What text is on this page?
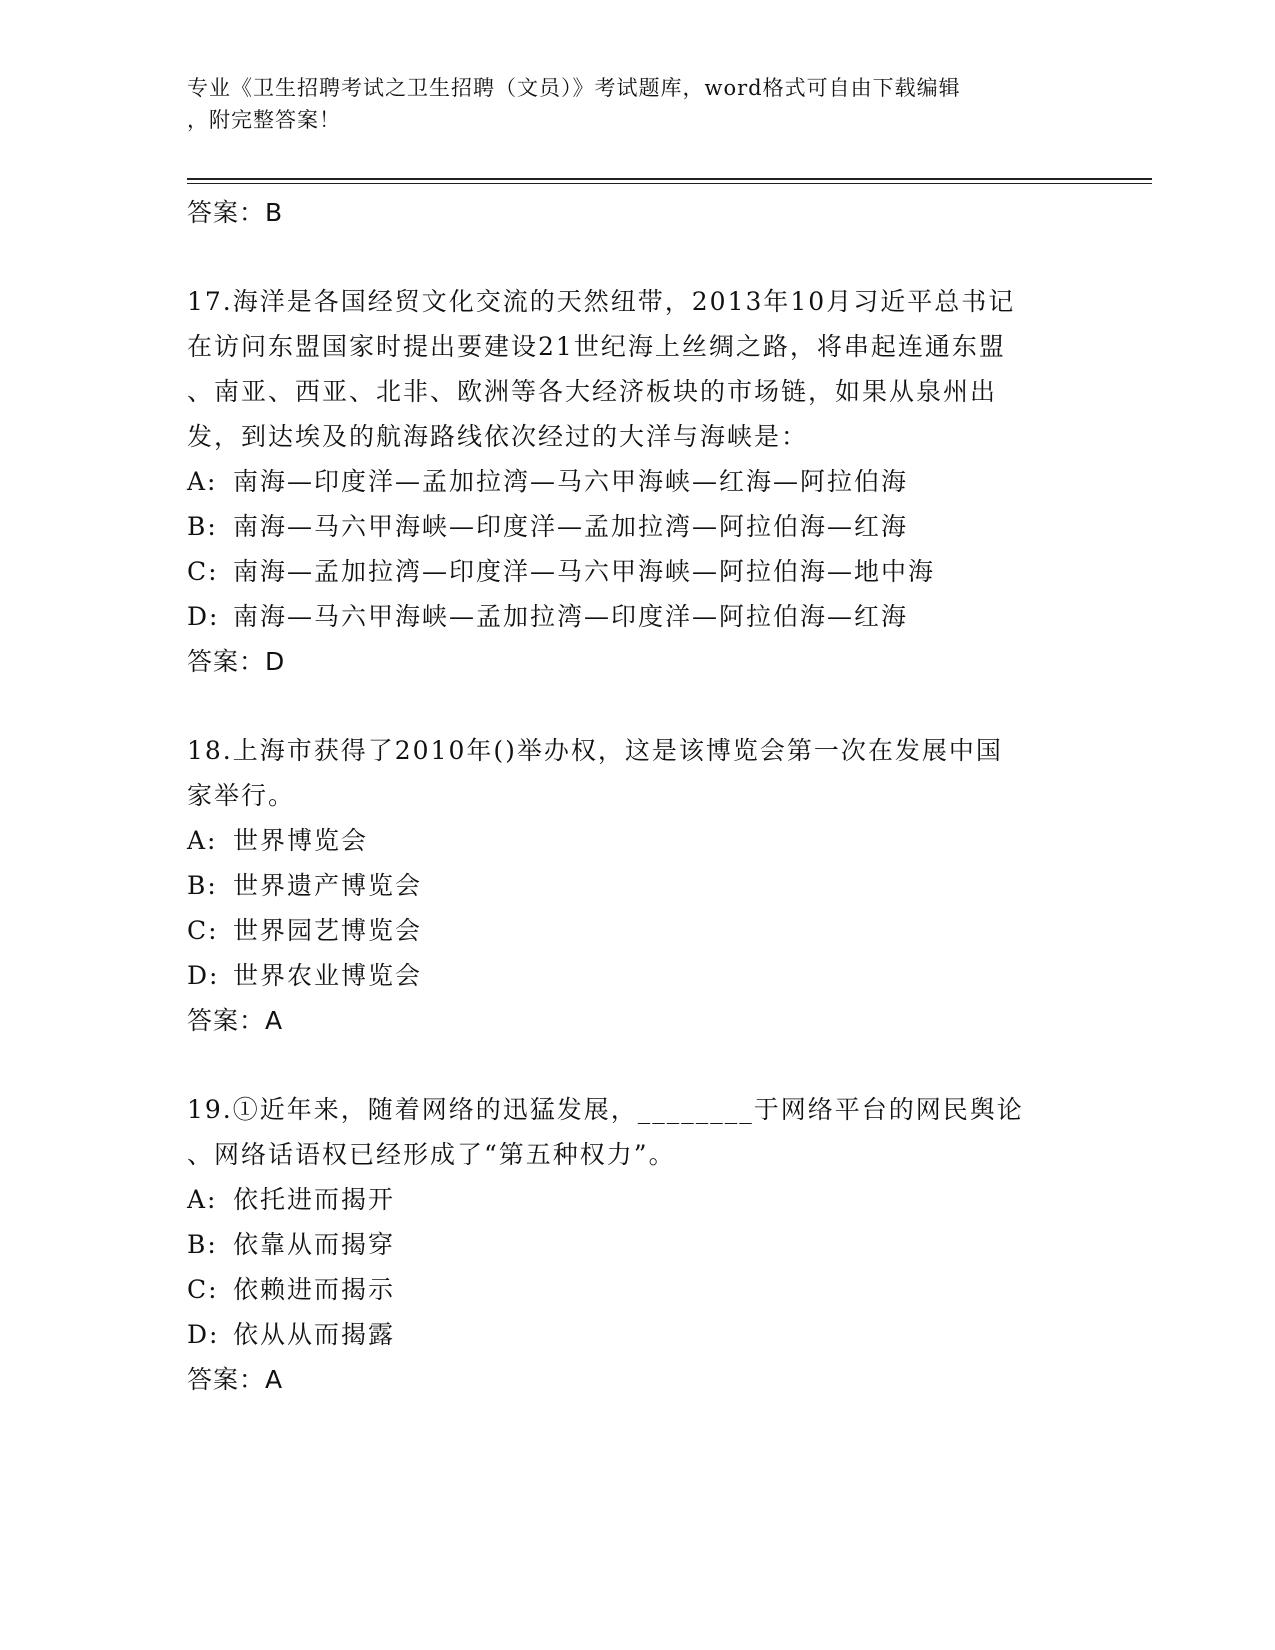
专业《卫生招聘考试之卫生招聘（文员）》考试题库，word格式可自由下载编辑
，附完整答案！
答案：B
17.海洋是各国经贸文化交流的天然纽带，2013年10月习近平总书记
在访问东盟国家时提出要建设21世纪海上丝绸之路，将串起连通东盟
、南亚、西亚、北非、欧洲等各大经济板块的市场链，如果从泉州出
发，到达埃及的航海路线依次经过的大洋与海峡是：
A: 南海—印度洋—孟加拉湾—马六甲海峡—红海—阿拉伯海
B: 南海—马六甲海峡—印度洋—孟加拉湾—阿拉伯海—红海
C: 南海—孟加拉湾—印度洋—马六甲海峡—阿拉伯海—地中海
D: 南海—马六甲海峡—孟加拉湾—印度洋—阿拉伯海—红海
答案：D
18.上海市获得了2010年()举办权，这是该博览会第一次在发展中国
家举行。
A: 世界博览会
B: 世界遗产博览会
C: 世界园艺博览会
D: 世界农业博览会
答案：A
19.①近年来，随着网络的迅猛发展，________于网络平台的网民舆论
、网络话语权已经形成了“第五种权力”。
A: 依托进而揭开
B: 依靠从而揭穿
C: 依赖进而揭示
D: 依从从而揭露
答案：A
